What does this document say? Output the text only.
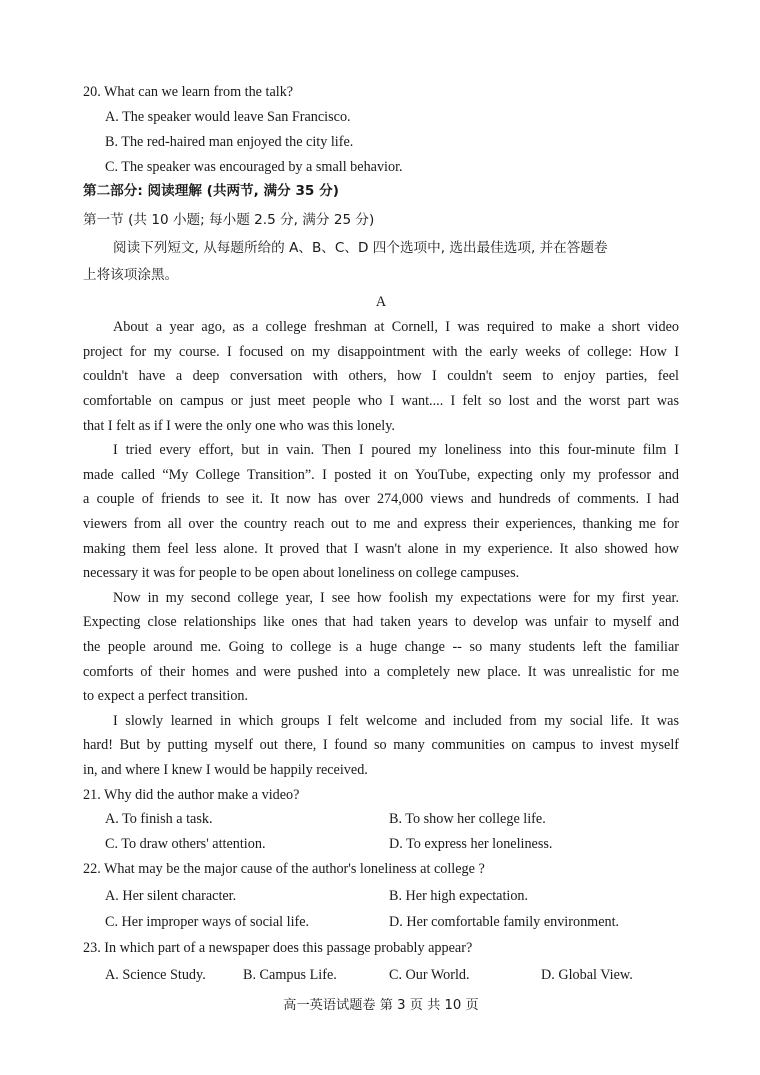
20. What can we learn from the talk?
A. The speaker would leave San Francisco.
B. The red-haired man enjoyed the city life.
C. The speaker was encouraged by a small behavior.
第二部分: 阅读理解 (共两节, 满分 35 分)
第一节 (共 10 小题; 每小题 2.5 分, 满分 25 分)
阅读下列短文, 从每题所给的 A、B、C、D 四个选项中, 选出最佳选项, 并在答题卷
上将该项涂黑。
A
About a year ago, as a college freshman at Cornell, I was required to make a short video
project for my course. I focused on my disappointment with the early weeks of college: How I
couldn't have a deep conversation with others, how I couldn't seem to enjoy parties, feel
comfortable on campus or just meet people who I want.... I felt so lost and the worst part was
that I felt as if I were the only one who was this lonely.
I tried every effort, but in vain. Then I poured my loneliness into this four-minute film I
made called “My College Transition”. I posted it on YouTube, expecting only my professor and
a couple of friends to see it. It now has over 274,000 views and hundreds of comments. I had
viewers from all over the country reach out to me and express their experiences, thanking me for
making them feel less alone. It proved that I wasn't alone in my experience. It also showed how
necessary it was for people to be open about loneliness on college campuses.
Now in my second college year, I see how foolish my expectations were for my first year.
Expecting close relationships like ones that had taken years to develop was unfair to myself and
the people around me. Going to college is a huge change -- so many students left the familiar
comforts of their homes and were pushed into a completely new place. It was unrealistic for me
to expect a perfect transition.
I slowly learned in which groups I felt welcome and included from my social life. It was
hard! But by putting myself out there, I found so many communities on campus to invest myself
in, and where I knew I would be happily received.
21. Why did the author make a video?
A. To finish a task.	B. To show her college life.
C. To draw others' attention.	D. To express her loneliness.
22. What may be the major cause of the author's loneliness at college ?
A. Her silent character.	B. Her high expectation.
C. Her improper ways of social life.	D. Her comfortable family environment.
23. In which part of a newspaper does this passage probably appear?
A. Science Study.	B. Campus Life.	C. Our World.	D. Global View.
高一英语试题卷 第 3 页 共 10 页
